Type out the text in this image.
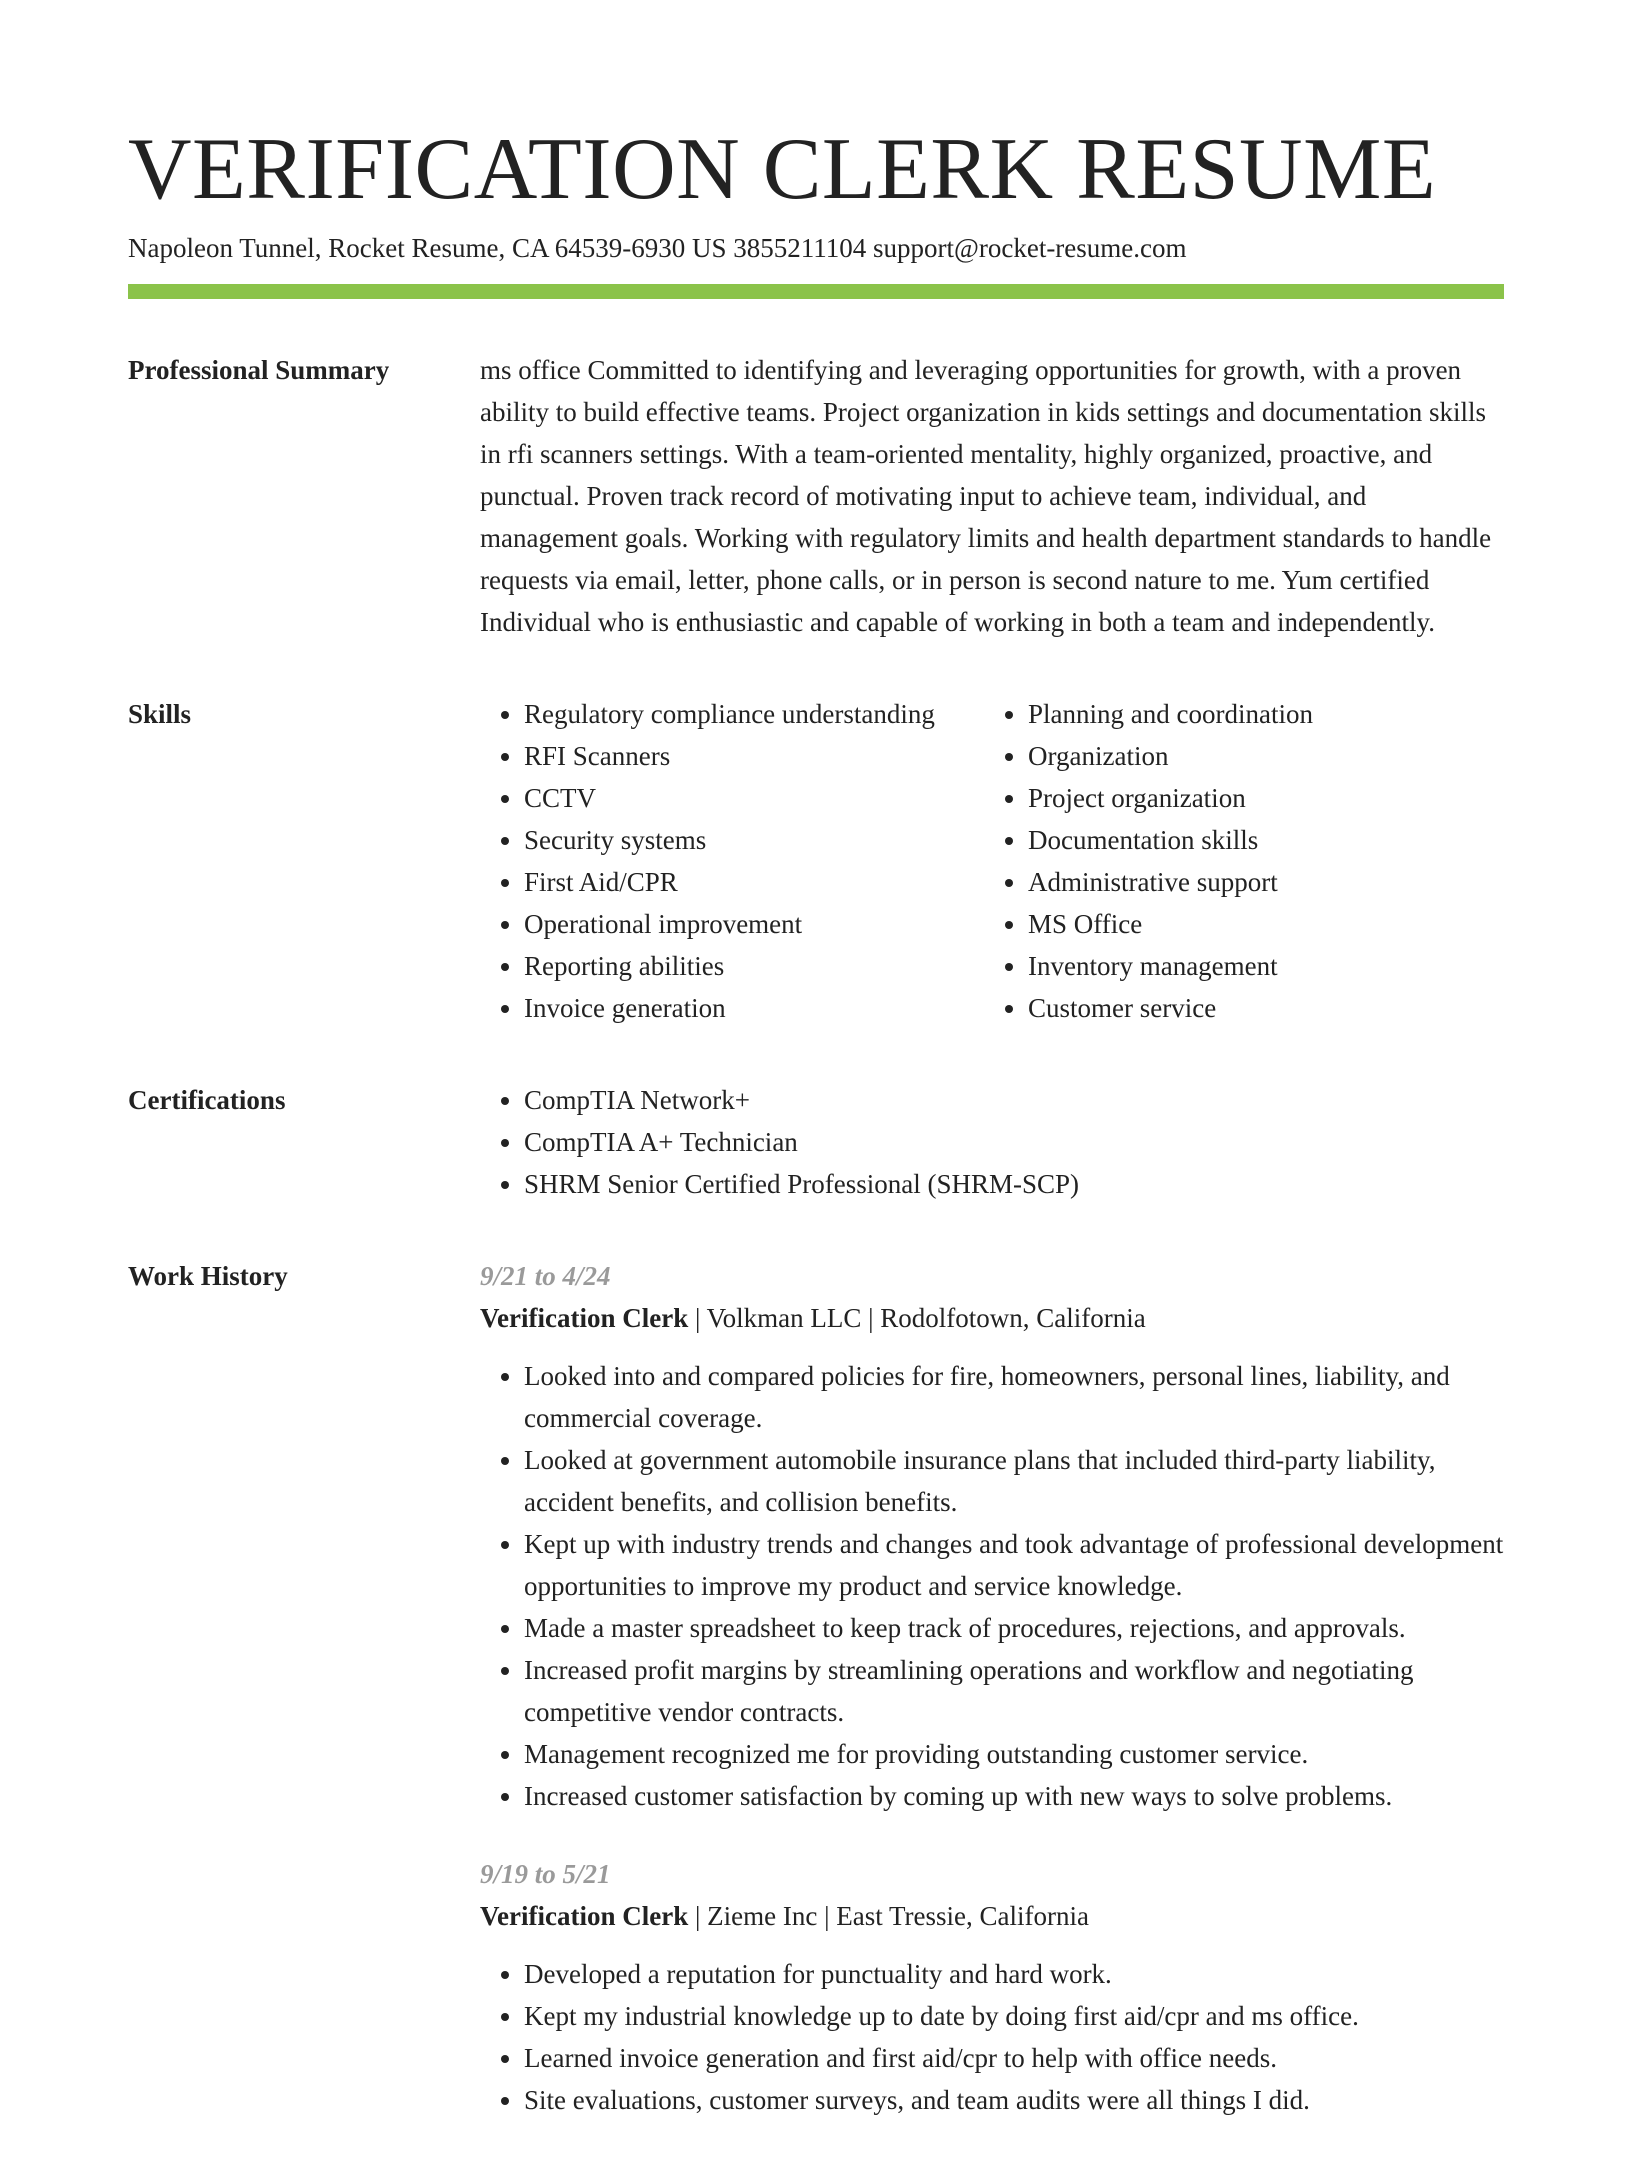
VERIFICATION CLERK RESUME
Napoleon Tunnel, Rocket Resume, CA 64539-6930 US 3855211104 support@rocket-resume.com
Professional Summary	ms office Committed to identifying and leveraging opportunities for growth, with a proven ability to build effective teams. Project organization in kids settings and documentation skills in rfi scanners settings. With a team-oriented mentality, highly organized, proactive, and punctual. Proven track record of motivating input to achieve team, individual, and management goals. Working with regulatory limits and health department standards to handle requests via email, letter, phone calls, or in person is second nature to me. Yum certified Individual who is enthusiastic and capable of working in both a team and independently.

Skills	• Regulatory compliance understanding
• RFI Scanners
• CCTV
• Security systems
• First Aid/CPR
• Operational improvement
• Reporting abilities
• Invoice generation
• Planning and coordination
• Organization
• Project organization
• Documentation skills
• Administrative support
• MS Office
• Inventory management
• Customer service
Certifications	• CompTIA Network+
• CompTIA A+ Technician
• SHRM Senior Certified Professional (SHRM-SCP)
Work History	9/21 to 4/24
Verification Clerk | Volkman LLC | Rodolfotown, California
• Looked into and compared policies for fire, homeowners, personal lines, liability, and commercial coverage.
• Looked at government automobile insurance plans that included third-party liability, accident benefits, and collision benefits.
• Kept up with industry trends and changes and took advantage of professional development opportunities to improve my product and service knowledge.
• Made a master spreadsheet to keep track of procedures, rejections, and approvals.
• Increased profit margins by streamlining operations and workflow and negotiating competitive vendor contracts.
• Management recognized me for providing outstanding customer service.
• Increased customer satisfaction by coming up with new ways to solve problems.
9/19 to 5/21
Verification Clerk | Zieme Inc | East Tressie, California
• Developed a reputation for punctuality and hard work.
• Kept my industrial knowledge up to date by doing first aid/cpr and ms office.
• Learned invoice generation and first aid/cpr to help with office needs.
• Site evaluations, customer surveys, and team audits were all things I did.
